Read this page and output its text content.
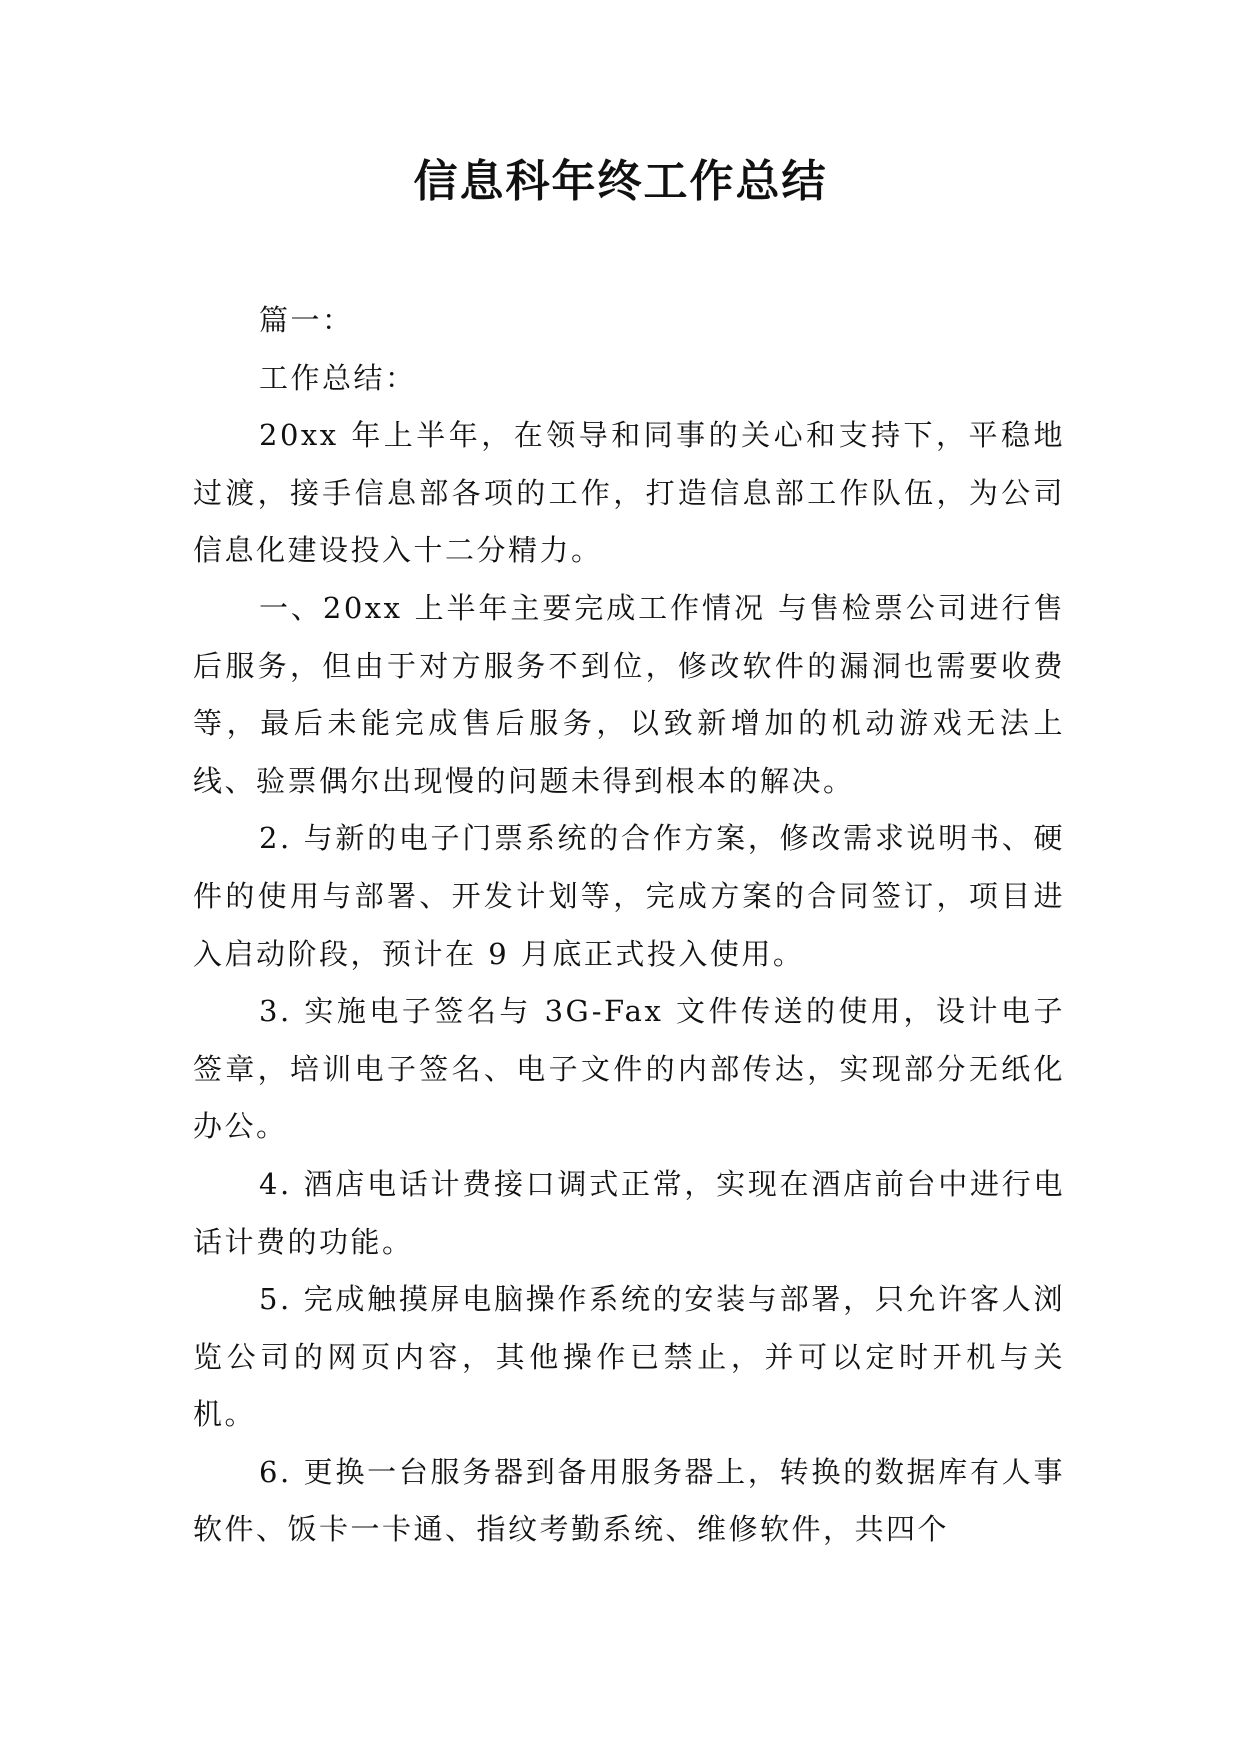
信息科年终工作总结

篇一：

工作总结：

20xx 年上半年，在领导和同事的关心和支持下，平稳地过渡，接手信息部各项的工作，打造信息部工作队伍，为公司信息化建设投入十二分精力。

一、20xx 上半年主要完成工作情况 与售检票公司进行售后服务，但由于对方服务不到位，修改软件的漏洞也需要收费等，最后未能完成售后服务，以致新增加的机动游戏无法上线、验票偶尔出现慢的问题未得到根本的解决。

2. 与新的电子门票系统的合作方案，修改需求说明书、硬件的使用与部署、开发计划等，完成方案的合同签订，项目进入启动阶段，预计在 9 月底正式投入使用。

3. 实施电子签名与 3G-Fax 文件传送的使用，设计电子签章，培训电子签名、电子文件的内部传达，实现部分无纸化办公。

4. 酒店电话计费接口调式正常，实现在酒店前台中进行电话计费的功能。

5. 完成触摸屏电脑操作系统的安装与部署，只允许客人浏览公司的网页内容，其他操作已禁止，并可以定时开机与关机。

6. 更换一台服务器到备用服务器上，转换的数据库有人事软件、饭卡一卡通、指纹考勤系统、维修软件，共四个
